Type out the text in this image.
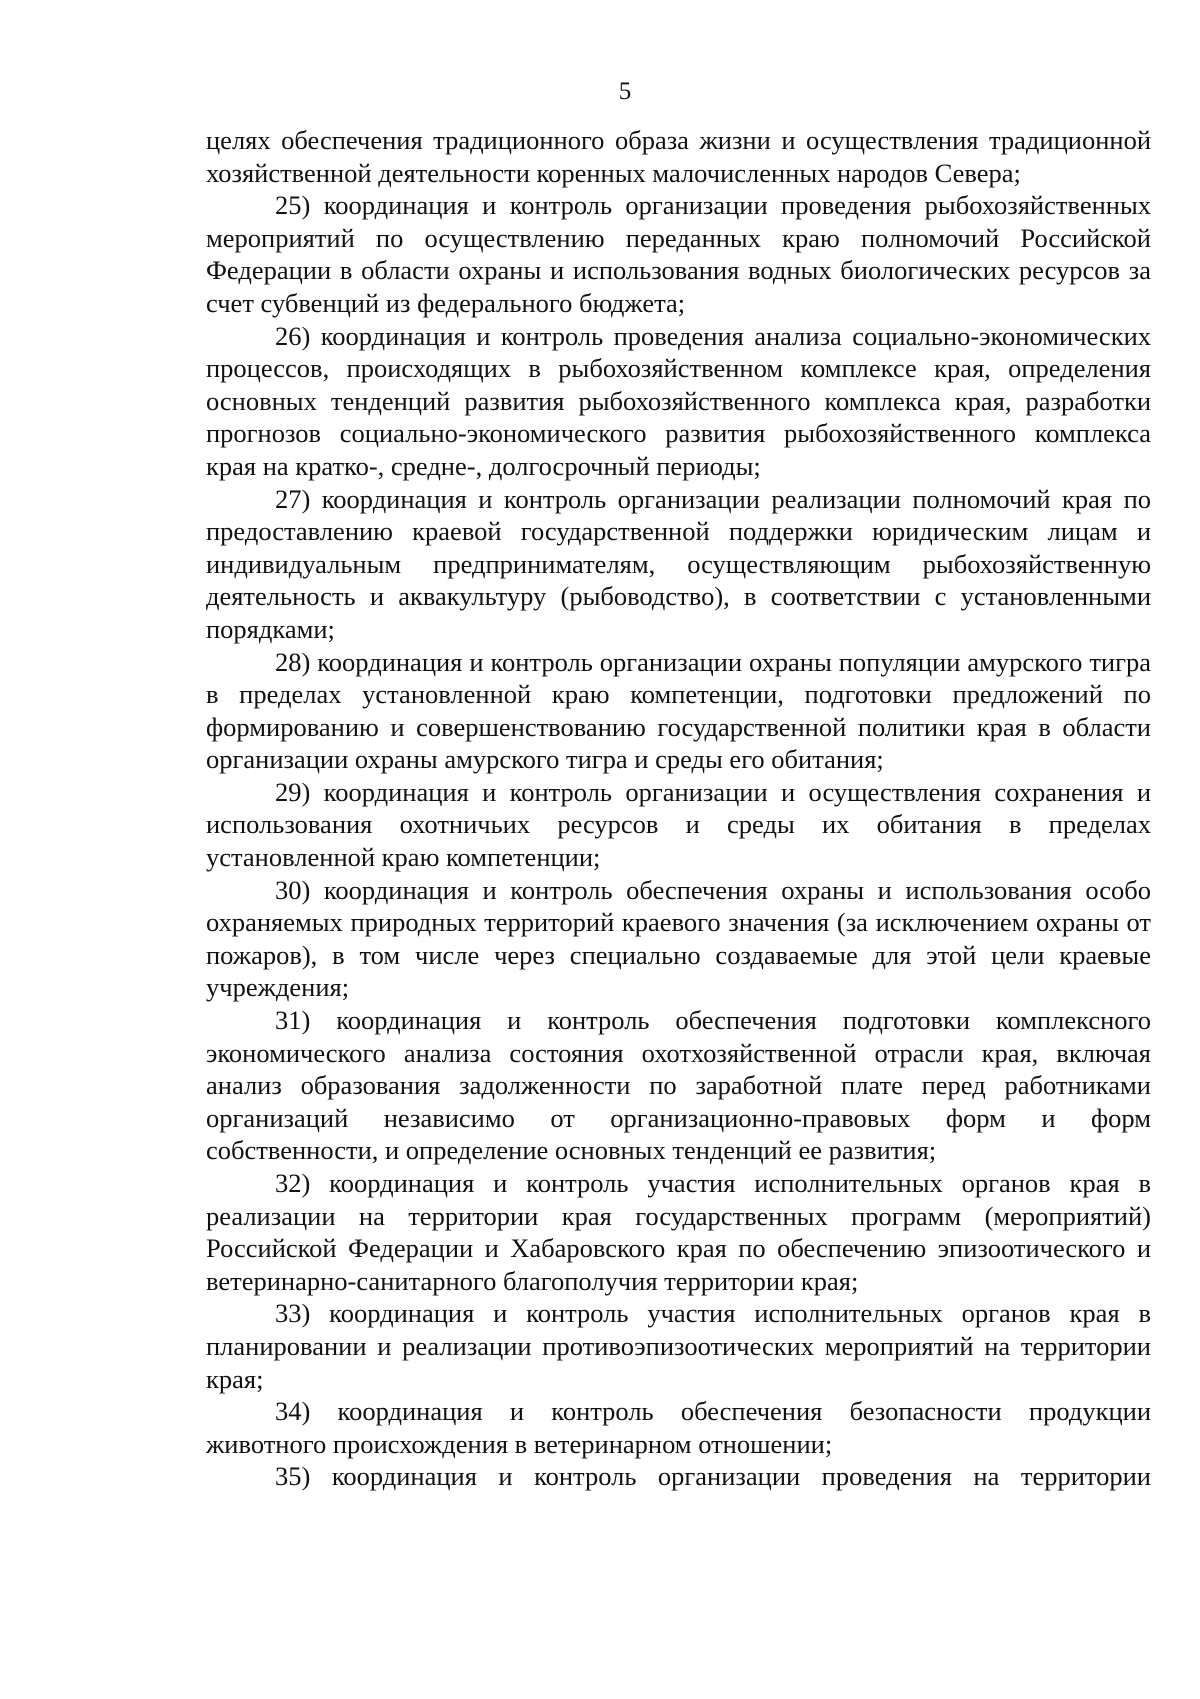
5

целях обеспечения традиционного образа жизни и осуществления традиционной хозяйственной деятельности коренных малочисленных народов Севера;

25) координация и контроль организации проведения рыбохозяйственных мероприятий по осуществлению переданных краю полномочий Российской Федерации в области охраны и использования водных биологических ресурсов за счет субвенций из федерального бюджета;

26) координация и контроль проведения анализа социально-экономических процессов, происходящих в рыбохозяйственном комплексе края, определения основных тенденций развития рыбохозяйственного комплекса края, разработки прогнозов социально-экономического развития рыбохозяйственного комплекса края на кратко-, средне-, долгосрочный периоды;

27) координация и контроль организации реализации полномочий края по предоставлению краевой государственной поддержки юридическим лицам и индивидуальным предпринимателям, осуществляющим рыбохозяйственную деятельность и аквакультуру (рыбоводство), в соответствии с установленными порядками;

28) координация и контроль организации охраны популяции амурского тигра в пределах установленной краю компетенции, подготовки предложений по формированию и совершенствованию государственной политики края в области организации охраны амурского тигра и среды его обитания;

29) координация и контроль организации и осуществления сохранения и использования охотничьих ресурсов и среды их обитания в пределах установленной краю компетенции;

30) координация и контроль обеспечения охраны и использования особо охраняемых природных территорий краевого значения (за исключением охраны от пожаров), в том числе через специально создаваемые для этой цели краевые учреждения;

31) координация и контроль обеспечения подготовки комплексного экономического анализа состояния охотхозяйственной отрасли края, включая анализ образования задолженности по заработной плате перед работниками организаций независимо от организационно-правовых форм и форм собственности, и определение основных тенденций ее развития;

32) координация и контроль участия исполнительных органов края в реализации на территории края государственных программ (мероприятий) Российской Федерации и Хабаровского края по обеспечению эпизоотического и ветеринарно-санитарного благополучия территории края;

33) координация и контроль участия исполнительных органов края в планировании и реализации противоэпизоотических мероприятий на территории края;

34) координация и контроль обеспечения безопасности продукции животного происхождения в ветеринарном отношении;

35) координация и контроль организации проведения на территории
